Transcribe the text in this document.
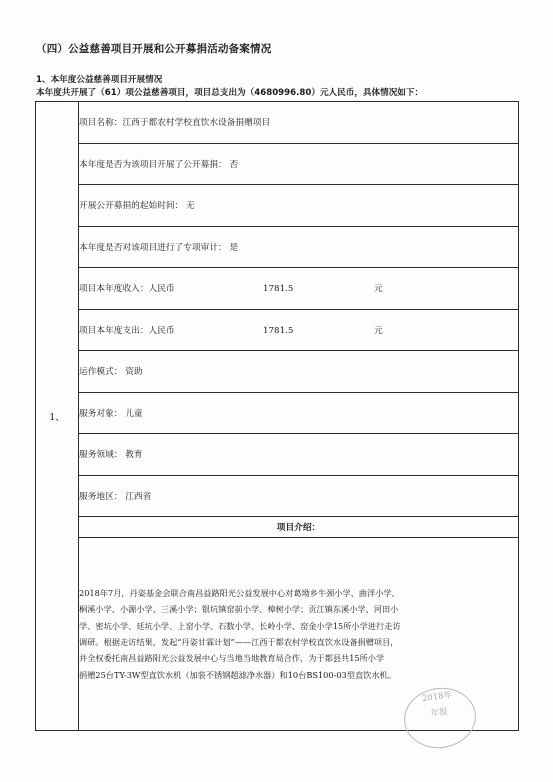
（四）公益慈善项目开展和公开募捐活动备案情况
1、本年度公益慈善项目开展情况
本年度共开展了（61）项公益慈善项目，项目总支出为（4680996.80）元人民币，具体情况如下：
1、	项目名称：江西于都农村学校直饮水设备捐赠项目
本年度是否为该项目开展了公开募捐： 否
开展公开募捐的起始时间： 无
本年度是否对该项目进行了专项审计： 是
项目本年度收入：人民币	1781.5	元
项目本年度支出：人民币	1781.5	元
运作模式： 资助
服务对象： 儿童
服务领域： 教育
服务地区： 江西省
项目介绍：

2018年7月，丹姿基金会联合南昌益路阳光公益发展中心对葛坳乡牛颈小学、曲洋小学、
桐溪小学、小源小学、三溪小学；银坑镇窑前小学、樟树小学；贡江镇东溪小学、河田小
学、密坑小学、廷坑小学、上窑小学、石数小学、长岭小学、窑金小学15所小学进行走访
调研。根据走访结果，发起“丹姿甘霖计划”——江西于都农村学校直饮水设备捐赠项目，
并全权委托南昌益路阳光公益发展中心与当地当地教育局合作，为于都县共15所小学
捐赠25台TY-3W型直饮水机（加装不锈钢超滤净水器）和10台BS100-03型直饮水机。
2018年
年报
